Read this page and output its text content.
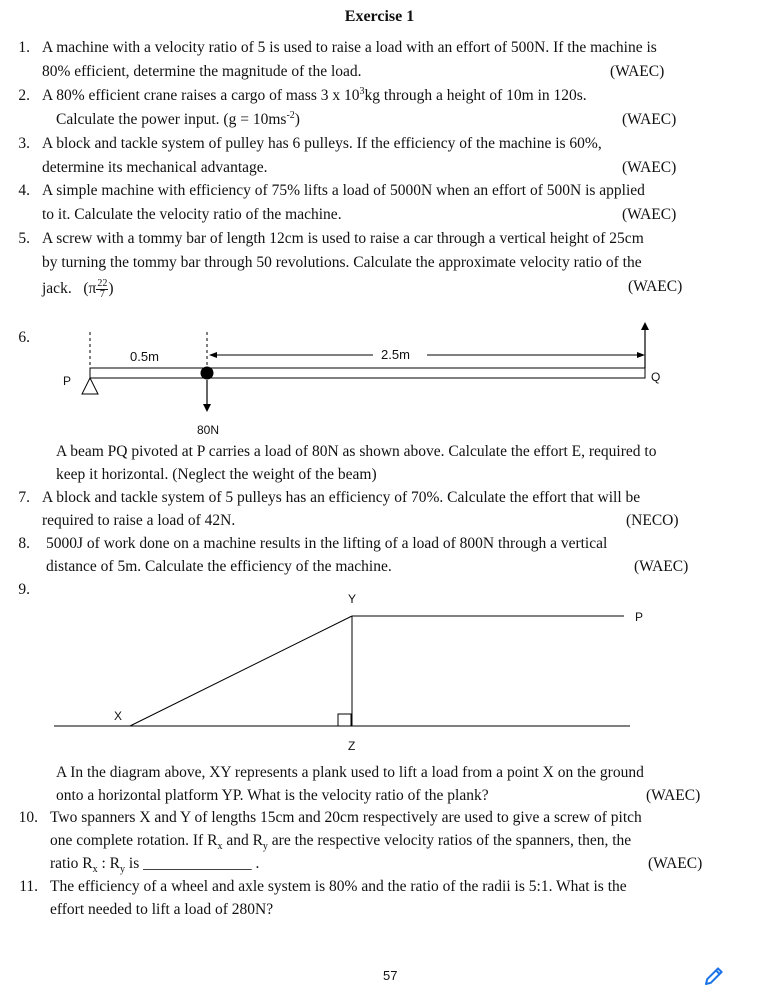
Exercise 1
1. A machine with a velocity ratio of 5 is used to raise a load with an effort of 500N. If the machine is
80% efficient, determine the magnitude of the load.	(WAEC)
2. A 80% efficient crane raises a cargo of mass 3 x $10^3kg$ through a height of 10m in 120s.
Calculate the power input. $(g = 10ms^{-2})$	(WAEC)
3. A block and tackle system of pulley has 6 pulleys. If the efficiency of the machine is 60%,
determine its mechanical advantage.	(WAEC)
4. A simple machine with efficiency of 75% lifts a load of 5000N when an effort of 500N is applied
to it. Calculate the velocity ratio of the machine.	(WAEC)
5. A screw with a tommy bar of length 12cm is used to raise a car through a vertical height of 25cm
by turning the tommy bar through 50 revolutions. Calculate the approximate velocity ratio of the
jack. ($\pi \frac{22}{7}$ )	(WAEC)
6.
0.5m	2.5m
P	Q
80N
A beam PQ pivoted at P carries a load of 80N as shown above. Calculate the effort E, required to
keep it horizontal. (Neglect the weight of the beam)
7. A block and tackle system of 5 pulleys has an efficiency of 70%. Calculate the effort that will be
required to raise a load of 42N.	(NECO)
8. 5000J of work done on a machine results in the lifting of a load of 800N through a vertical
distance of 5m. Calculate the efficiency of the machine.	(WAEC)
9.
Y
P
X
Z
A In the diagram above, XY represents a plank used to lift a load from a point X on the ground
onto a horizontal platform YP. What is the velocity ratio of the plank?	(WAEC)
10. Two spanners X and Y of lengths 15cm and 20cm respectively are used to give a screw of pitch
one complete rotation. If $R_x$ and $R_y$ are the respective velocity ratios of the spanners, then, the
ratio $R_x$ : $R_y$ is ______________ .	(WAEC)
11. The efficiency of a wheel and axle system is 80% and the ratio of the radii is 5:1. What is the
effort needed to lift a load of 280N?
57
